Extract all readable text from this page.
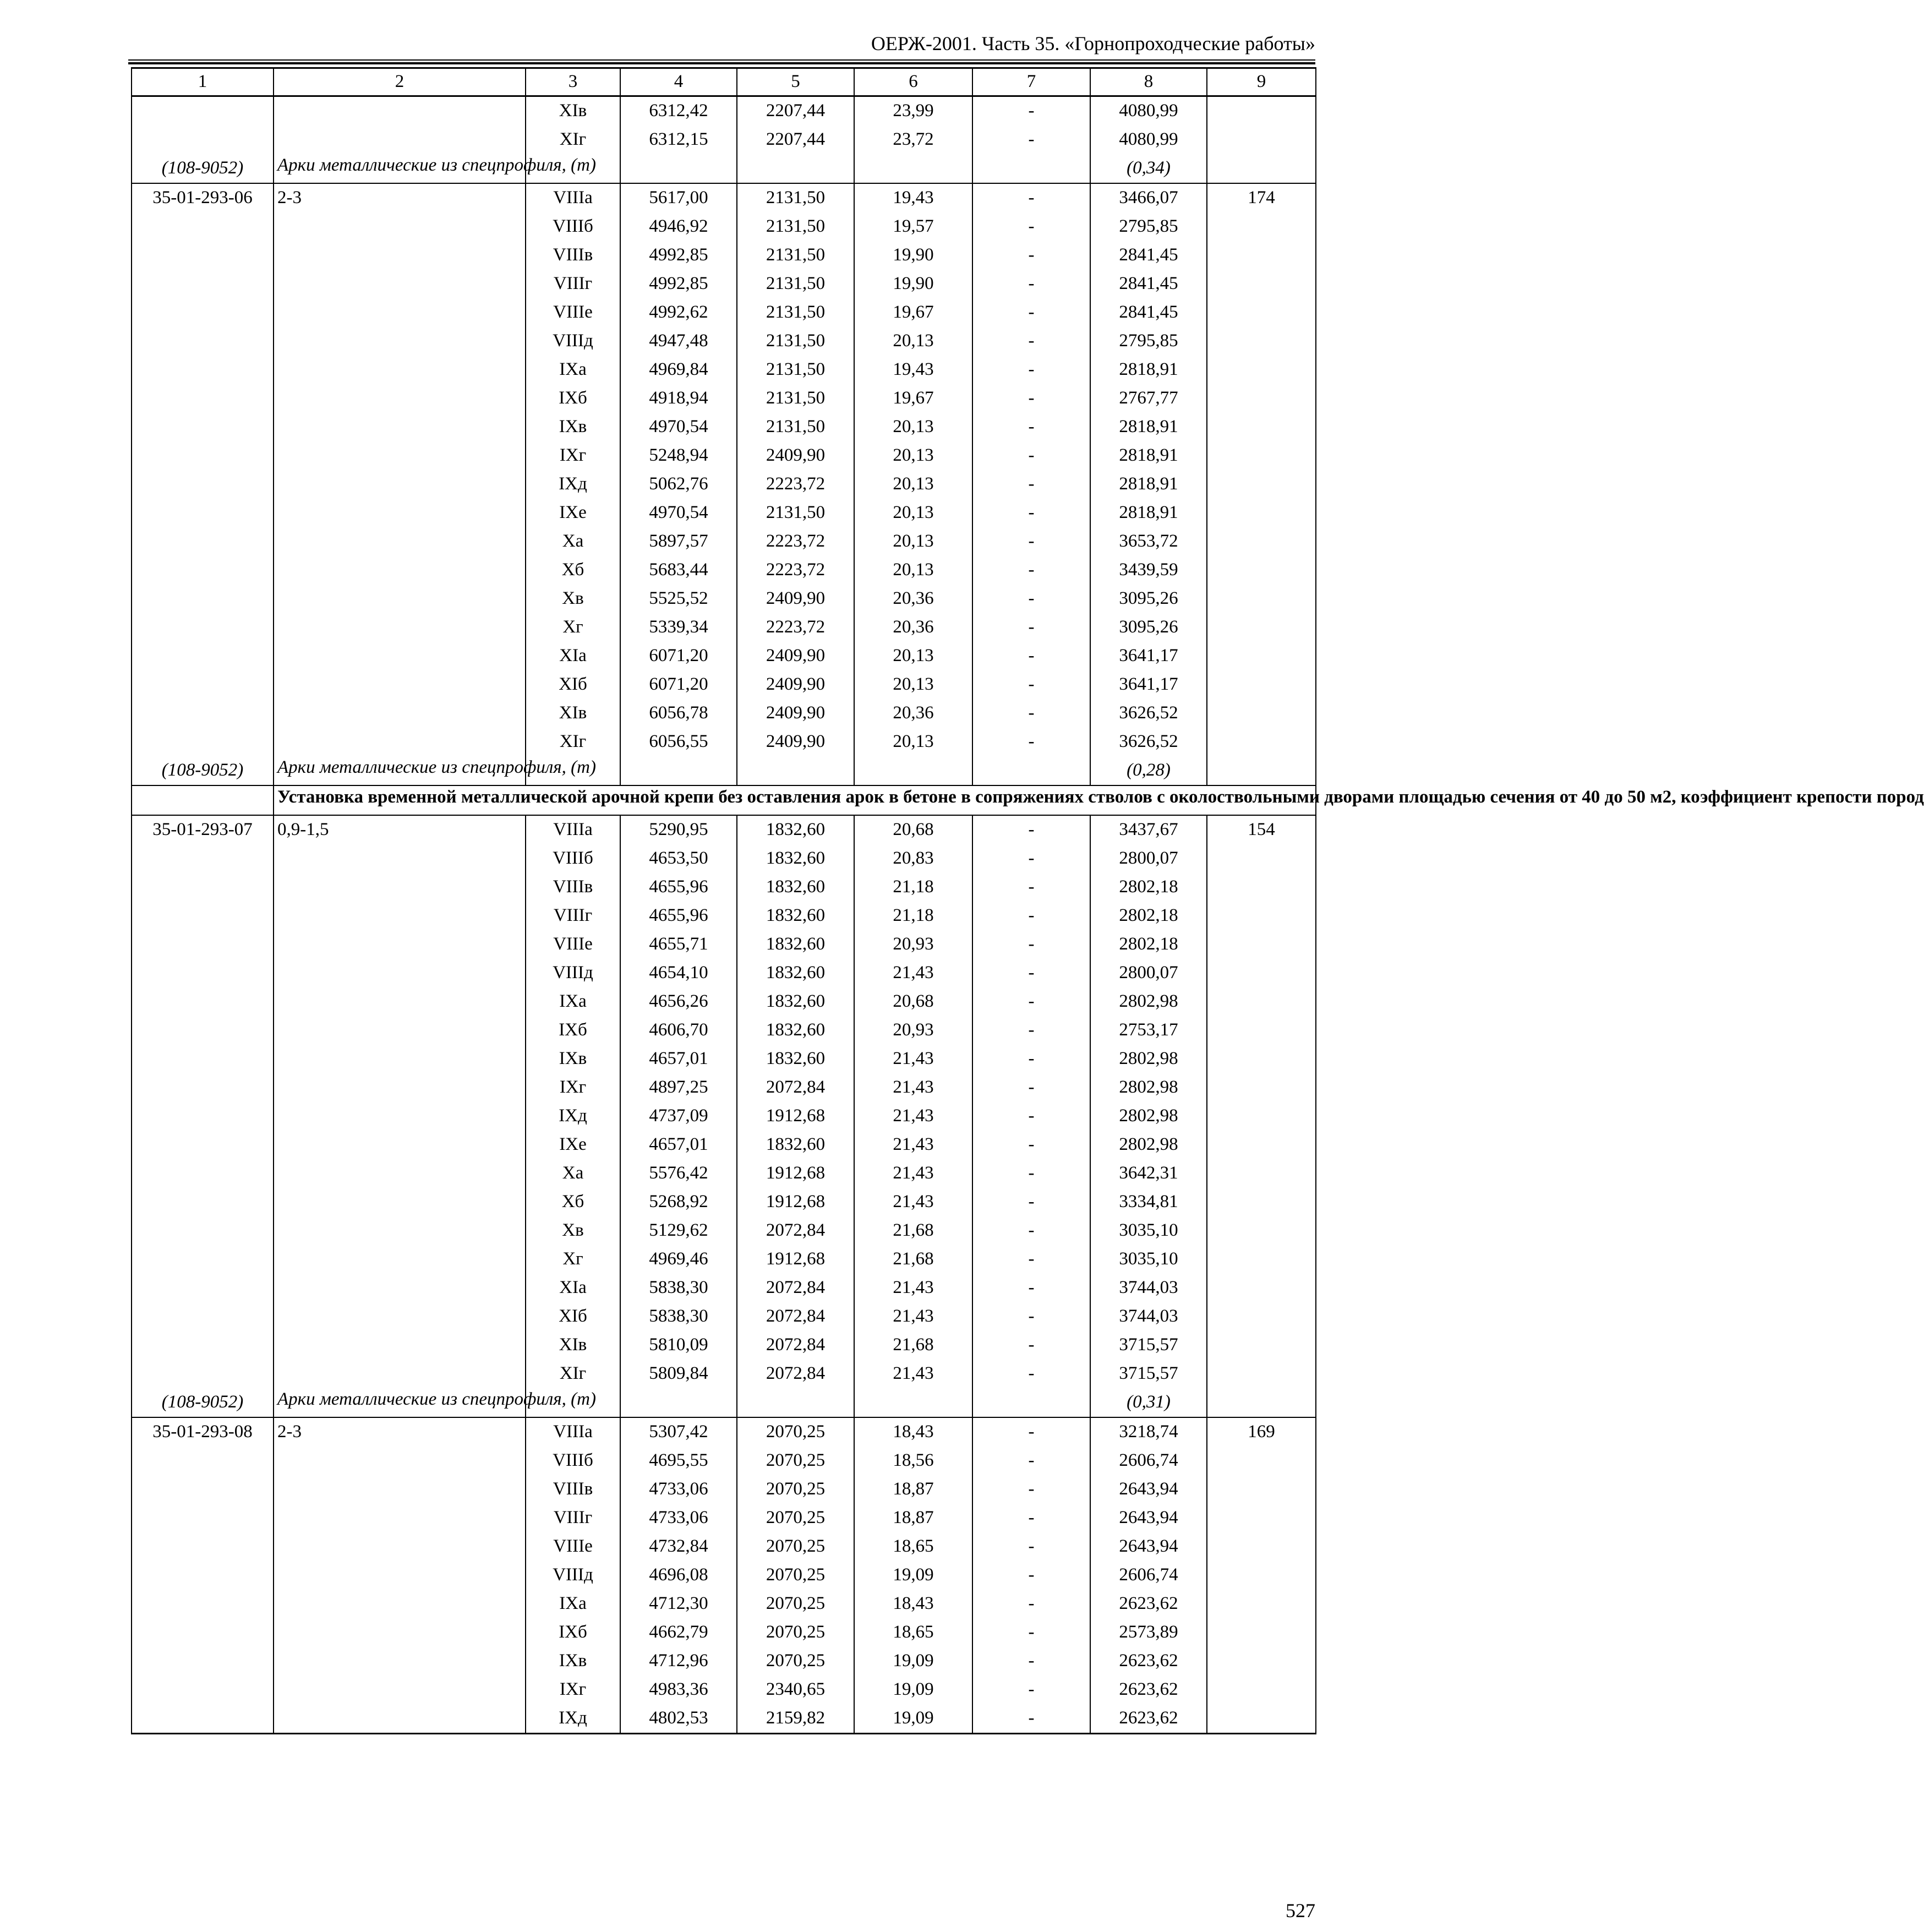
ОЕРЖ-2001. Часть 35. «Горнопроходческие работы»
1	2	3	4	5	6	7	8	9
		XIв	6312,42	2207,44	23,99	-	4080,99	
		XIг	6312,15	2207,44	23,72	-	4080,99	
(108-9052)	Арки металлические из спецпрофиля, (т)						(0,34)	
35-01-293-06	2-3	VIIIа	5617,00	2131,50	19,43	-	3466,07	174
		VIIIб	4946,92	2131,50	19,57	-	2795,85	
		VIIIв	4992,85	2131,50	19,90	-	2841,45	
		VIIIг	4992,85	2131,50	19,90	-	2841,45	
		VIIIе	4992,62	2131,50	19,67	-	2841,45	
		VIIIд	4947,48	2131,50	20,13	-	2795,85	
		IXа	4969,84	2131,50	19,43	-	2818,91	
		IXб	4918,94	2131,50	19,67	-	2767,77	
		IXв	4970,54	2131,50	20,13	-	2818,91	
		IXг	5248,94	2409,90	20,13	-	2818,91	
		IXд	5062,76	2223,72	20,13	-	2818,91	
		IXе	4970,54	2131,50	20,13	-	2818,91	
		Xа	5897,57	2223,72	20,13	-	3653,72	
		Xб	5683,44	2223,72	20,13	-	3439,59	
		Xв	5525,52	2409,90	20,36	-	3095,26	
		Xг	5339,34	2223,72	20,36	-	3095,26	
		XIа	6071,20	2409,90	20,13	-	3641,17	
		XIб	6071,20	2409,90	20,13	-	3641,17	
		XIв	6056,78	2409,90	20,36	-	3626,52	
		XIг	6056,55	2409,90	20,13	-	3626,52	
(108-9052)	Арки металлические из спецпрофиля, (т)						(0,28)	
	Установка временной металлической арочной крепи без оставления арок в бетоне в сопряжениях стволов с околоствольными дворами площадью сечения от 40 до 50 м2, коэффициент крепости пород							
35-01-293-07	0,9-1,5	VIIIа	5290,95	1832,60	20,68	-	3437,67	154
		VIIIб	4653,50	1832,60	20,83	-	2800,07	
		VIIIв	4655,96	1832,60	21,18	-	2802,18	
		VIIIг	4655,96	1832,60	21,18	-	2802,18	
		VIIIе	4655,71	1832,60	20,93	-	2802,18	
		VIIIд	4654,10	1832,60	21,43	-	2800,07	
		IXа	4656,26	1832,60	20,68	-	2802,98	
		IXб	4606,70	1832,60	20,93	-	2753,17	
		IXв	4657,01	1832,60	21,43	-	2802,98	
		IXг	4897,25	2072,84	21,43	-	2802,98	
		IXд	4737,09	1912,68	21,43	-	2802,98	
		IXе	4657,01	1832,60	21,43	-	2802,98	
		Xа	5576,42	1912,68	21,43	-	3642,31	
		Xб	5268,92	1912,68	21,43	-	3334,81	
		Xв	5129,62	2072,84	21,68	-	3035,10	
		Xг	4969,46	1912,68	21,68	-	3035,10	
		XIа	5838,30	2072,84	21,43	-	3744,03	
		XIб	5838,30	2072,84	21,43	-	3744,03	
		XIв	5810,09	2072,84	21,68	-	3715,57	
		XIг	5809,84	2072,84	21,43	-	3715,57	
(108-9052)	Арки металлические из спецпрофиля, (т)						(0,31)	
35-01-293-08	2-3	VIIIа	5307,42	2070,25	18,43	-	3218,74	169
		VIIIб	4695,55	2070,25	18,56	-	2606,74	
		VIIIв	4733,06	2070,25	18,87	-	2643,94	
		VIIIг	4733,06	2070,25	18,87	-	2643,94	
		VIIIе	4732,84	2070,25	18,65	-	2643,94	
		VIIIд	4696,08	2070,25	19,09	-	2606,74	
		IXа	4712,30	2070,25	18,43	-	2623,62	
		IXб	4662,79	2070,25	18,65	-	2573,89	
		IXв	4712,96	2070,25	19,09	-	2623,62	
		IXг	4983,36	2340,65	19,09	-	2623,62	
		IXд	4802,53	2159,82	19,09	-	2623,62	
527
